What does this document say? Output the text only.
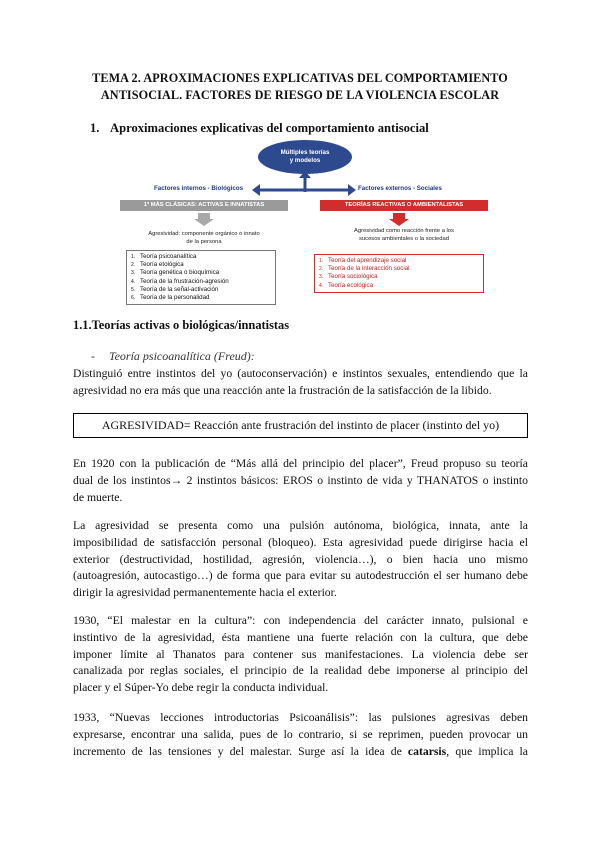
TEMA 2. APROXIMACIONES EXPLICATIVAS DEL COMPORTAMIENTO
ANTISOCIAL. FACTORES DE RIESGO DE LA VIOLENCIA ESCOLAR
1. Aproximaciones explicativas del comportamiento antisocial
Múltiples teorías
y modelos
Factores internos - Biológicos	Factores externos - Sociales
1ª MÁS CLÁSICAS: ACTIVAS E INNATISTAS	TEORÍAS REACTIVAS O AMBIENTALISTAS
Agresividad: componente orgánico o innato
de la persona
Agresividad como reacción frente a los
sucesos ambientales o la sociedad
1. Teoría psicoanalítica
2. Teoría etológica
3. Teoría genética o bioquímica
4. Teoría de la frustración-agresión
5. Teoría de la señal-activación
6. Teoría de la personalidad
1. Teoría del aprendizaje social
2. Teoría de la interacción social
3. Teoría sociológica
4. Teoría ecológica
1.1.Teorías activas o biológicas/innatistas
- Teoría psicoanalítica (Freud):
Distinguió entre instintos del yo (autoconservación) e instintos sexuales, entendiendo que la
agresividad no era más que una reacción ante la frustración de la satisfacción de la libido.
AGRESIVIDAD= Reacción ante frustración del instinto de placer (instinto del yo)
En 1920 con la publicación de “Más allá del principio del placer”, Freud propuso su teoría
dual de los instintos→ 2 instintos básicos: EROS o instinto de vida y THANATOS o instinto
de muerte.
La agresividad se presenta como una pulsión autónoma, biológica, innata, ante la
imposibilidad de satisfacción personal (bloqueo). Esta agresividad puede dirigirse hacia el
exterior (destructividad, hostilidad, agresión, violencia…), o bien hacia uno mismo
(autoagresión, autocastigo…) de forma que para evitar su autodestrucción el ser humano debe
dirigir la agresividad permanentemente hacia el exterior.
1930, “El malestar en la cultura”: con independencia del carácter innato, pulsional e
instintivo de la agresividad, ésta mantiene una fuerte relación con la cultura, que debe
imponer límite al Thanatos para contener sus manifestaciones. La violencia debe ser
canalizada por reglas sociales, el principio de la realidad debe imponerse al principio del
placer y el Súper-Yo debe regir la conducta individual.
1933, “Nuevas lecciones introductorias Psicoanálisis”: las pulsiones agresivas deben
expresarse, encontrar una salida, pues de lo contrario, si se reprimen, pueden provocar un
incremento de las tensiones y del malestar. Surge así la idea de catarsis, que implica la
